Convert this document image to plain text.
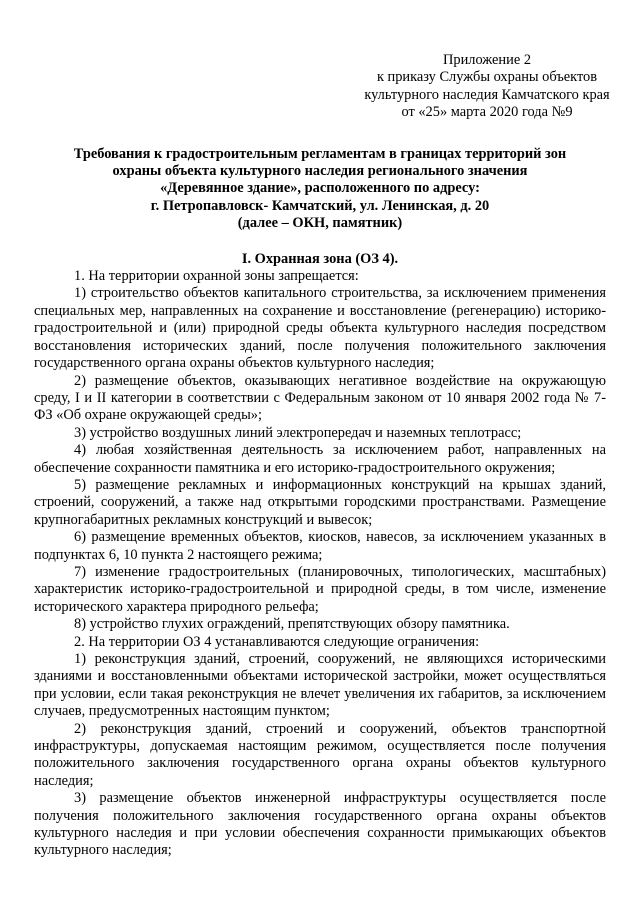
Приложение 2
к приказу Службы охраны объектов
культурного наследия Камчатского края
от «25» марта 2020 года №9
Требования к градостроительным регламентам в границах территорий зон
охраны объекта культурного наследия регионального значения
«Деревянное здание», расположенного по адресу:
г. Петропавловск- Камчатский, ул. Ленинская, д. 20
(далее – ОКН, памятник)
I. Охранная зона (ОЗ 4).

1. На территории охранной зоны запрещается:

1) строительство объектов капитального строительства, за исключением применения специальных мер, направленных на сохранение и восстановление (регенерацию) историко-градостроительной и (или) природной среды объекта культурного наследия посредством восстановления исторических зданий, после получения положительного заключения государственного органа охраны объектов культурного наследия;

2) размещение объектов, оказывающих негативное воздействие на окружающую среду, I и II категории в соответствии с Федеральным законом от 10 января 2002 года № 7-ФЗ «Об охране окружающей среды»;

3) устройство воздушных линий электропередач и наземных теплотрасс;

4) любая хозяйственная деятельность за исключением работ, направленных на обеспечение сохранности памятника и его историко-градостроительного окружения;

5) размещение рекламных и информационных конструкций на крышах зданий, строений, сооружений, а также над открытыми городскими пространствами. Размещение крупногабаритных рекламных конструкций и вывесок;

6) размещение временных объектов, киосков, навесов, за исключением указанных в подпунктах 6, 10 пункта 2 настоящего режима;

7) изменение градостроительных (планировочных, типологических, масштабных) характеристик историко-градостроительной и природной среды, в том числе, изменение исторического характера природного рельефа;

8) устройство глухих ограждений, препятствующих обзору памятника.

2. На территории ОЗ 4 устанавливаются следующие ограничения:

1) реконструкция зданий, строений, сооружений, не являющихся историческими зданиями и восстановленными объектами исторической застройки, может осуществляться при условии, если такая реконструкция не влечет увеличения их габаритов, за исключением случаев, предусмотренных настоящим пунктом;

2) реконструкция зданий, строений и сооружений, объектов транспортной инфраструктуры, допускаемая настоящим режимом, осуществляется после получения положительного заключения государственного органа охраны объектов культурного наследия;

3) размещение объектов инженерной инфраструктуры осуществляется после получения положительного заключения государственного органа охраны объектов культурного наследия и при условии обеспечения сохранности примыкающих объектов культурного наследия;
